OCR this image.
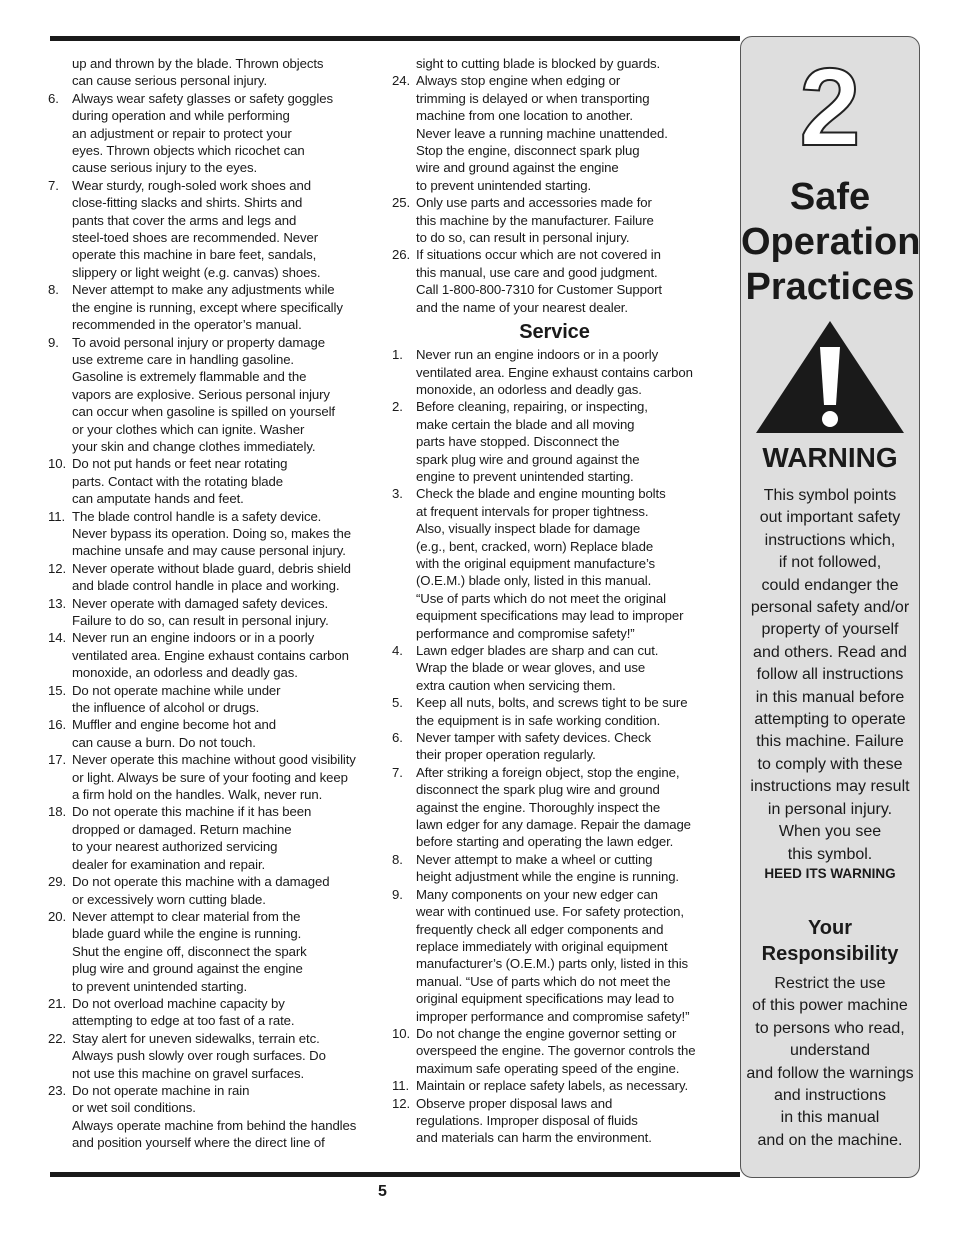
up and thrown by the blade. Thrown objects
can cause serious personal injury.
6. Always wear safety glasses or safety goggles
during operation and while performing
an adjustment or repair to protect your
eyes. Thrown objects which ricochet can
cause serious injury to the eyes.
7. Wear sturdy, rough-soled work shoes and
close-fitting slacks and shirts. Shirts and
pants that cover the arms and legs and
steel-toed shoes are recommended. Never
operate this machine in bare feet, sandals,
slippery or light weight (e.g. canvas) shoes.
8. Never attempt to make any adjustments while
the engine is running, except where specifically
recommended in the operator’s manual.
9. To avoid personal injury or property damage
use extreme care in handling gasoline.
Gasoline is extremely flammable and the
vapors are explosive. Serious personal injury
can occur when gasoline is spilled on yourself
or your clothes which can ignite. Washer
your skin and change clothes immediately.
10. Do not put hands or feet near rotating
parts. Contact with the rotating blade
can amputate hands and feet.
11. The blade control handle is a safety device.
Never bypass its operation. Doing so, makes the
machine unsafe and may cause personal injury.
12. Never operate without blade guard, debris shield
and blade control handle in place and working.
13. Never operate with damaged safety devices.
Failure to do so, can result in personal injury.
14. Never run an engine indoors or in a poorly
ventilated area. Engine exhaust contains carbon
monoxide, an odorless and deadly gas.
15. Do not operate machine while under
the influence of alcohol or drugs.
16. Muffler and engine become hot and
can cause a burn. Do not touch.
17. Never operate this machine without good visibility
or light. Always be sure of your footing and keep
a firm hold on the handles. Walk, never run.
18. Do not operate this machine if it has been
dropped or damaged. Return machine
to your nearest authorized servicing
dealer for examination and repair.
29. Do not operate this machine with a damaged
or excessively worn cutting blade.
20. Never attempt to clear material from the
blade guard while the engine is running.
Shut the engine off, disconnect the spark
plug wire and ground against the engine
to prevent unintended starting.
21. Do not overload machine capacity by
attempting to edge at too fast of a rate.
22. Stay alert for uneven sidewalks, terrain etc.
Always push slowly over rough surfaces. Do
not use this machine on gravel surfaces.
23. Do not operate machine in rain
or wet soil conditions.
Always operate machine from behind the handles
and position yourself where the direct line of
sight to cutting blade is blocked by guards.
24. Always stop engine when edging or
trimming is delayed or when transporting
machine from one location to another.
Never leave a running machine unattended.
Stop the engine, disconnect spark plug
wire and ground against the engine
to prevent unintended starting.
25. Only use parts and accessories made for
this machine by the manufacturer. Failure
to do so, can result in personal injury.
26. If situations occur which are not covered in
this manual, use care and good judgment.
Call 1-800-800-7310 for Customer Support
and the name of your nearest dealer.
Service
1. Never run an engine indoors or in a poorly
ventilated area. Engine exhaust contains carbon
monoxide, an odorless and deadly gas.
2. Before cleaning, repairing, or inspecting,
make certain the blade and all moving
parts have stopped. Disconnect the
spark plug wire and ground against the
engine to prevent unintended starting.
3. Check the blade and engine mounting bolts
at frequent intervals for proper tightness.
Also, visually inspect blade for damage
(e.g., bent, cracked, worn) Replace blade
with the original equipment manufacture’s
(O.E.M.) blade only, listed in this manual.
“Use of parts which do not meet the original
equipment specifications may lead to improper
performance and compromise safety!”
4. Lawn edger blades are sharp and can cut.
Wrap the blade or wear gloves, and use
extra caution when servicing them.
5. Keep all nuts, bolts, and screws tight to be sure
the equipment is in safe working condition.
6. Never tamper with safety devices. Check
their proper operation regularly.
7. After striking a foreign object, stop the engine,
disconnect the spark plug wire and ground
against the engine. Thoroughly inspect the
lawn edger for any damage. Repair the damage
before starting and operating the lawn edger.
8. Never attempt to make a wheel or cutting
height adjustment while the engine is running.
9. Many components on your new edger can
wear with continued use. For safety protection,
frequently check all edger components and
replace immediately with original equipment
manufacturer’s (O.E.M.) parts only, listed in this
manual. “Use of parts which do not meet the
original equipment specifications may lead to
improper performance and compromise safety!”
10. Do not change the engine governor setting or
overspeed the engine. The governor controls the
maximum safe operating speed of the engine.
11. Maintain or replace safety labels, as necessary.
12. Observe proper disposal laws and
regulations. Improper disposal of fluids
and materials can harm the environment.
2
Safe
Operation
Practices
WARNING
This symbol points
out important safety
instructions which,
if not followed,
could endanger the
personal safety and/or
property of yourself
and others. Read and
follow all instructions
in this manual before
attempting to operate
this machine. Failure
to comply with these
instructions may result
in personal injury.
When you see
this symbol.
HEED ITS WARNING
Your
Responsibility
Restrict the use
of this power machine
to persons who read,
understand
and follow the warnings
and instructions
in this manual
and on the machine.
5
